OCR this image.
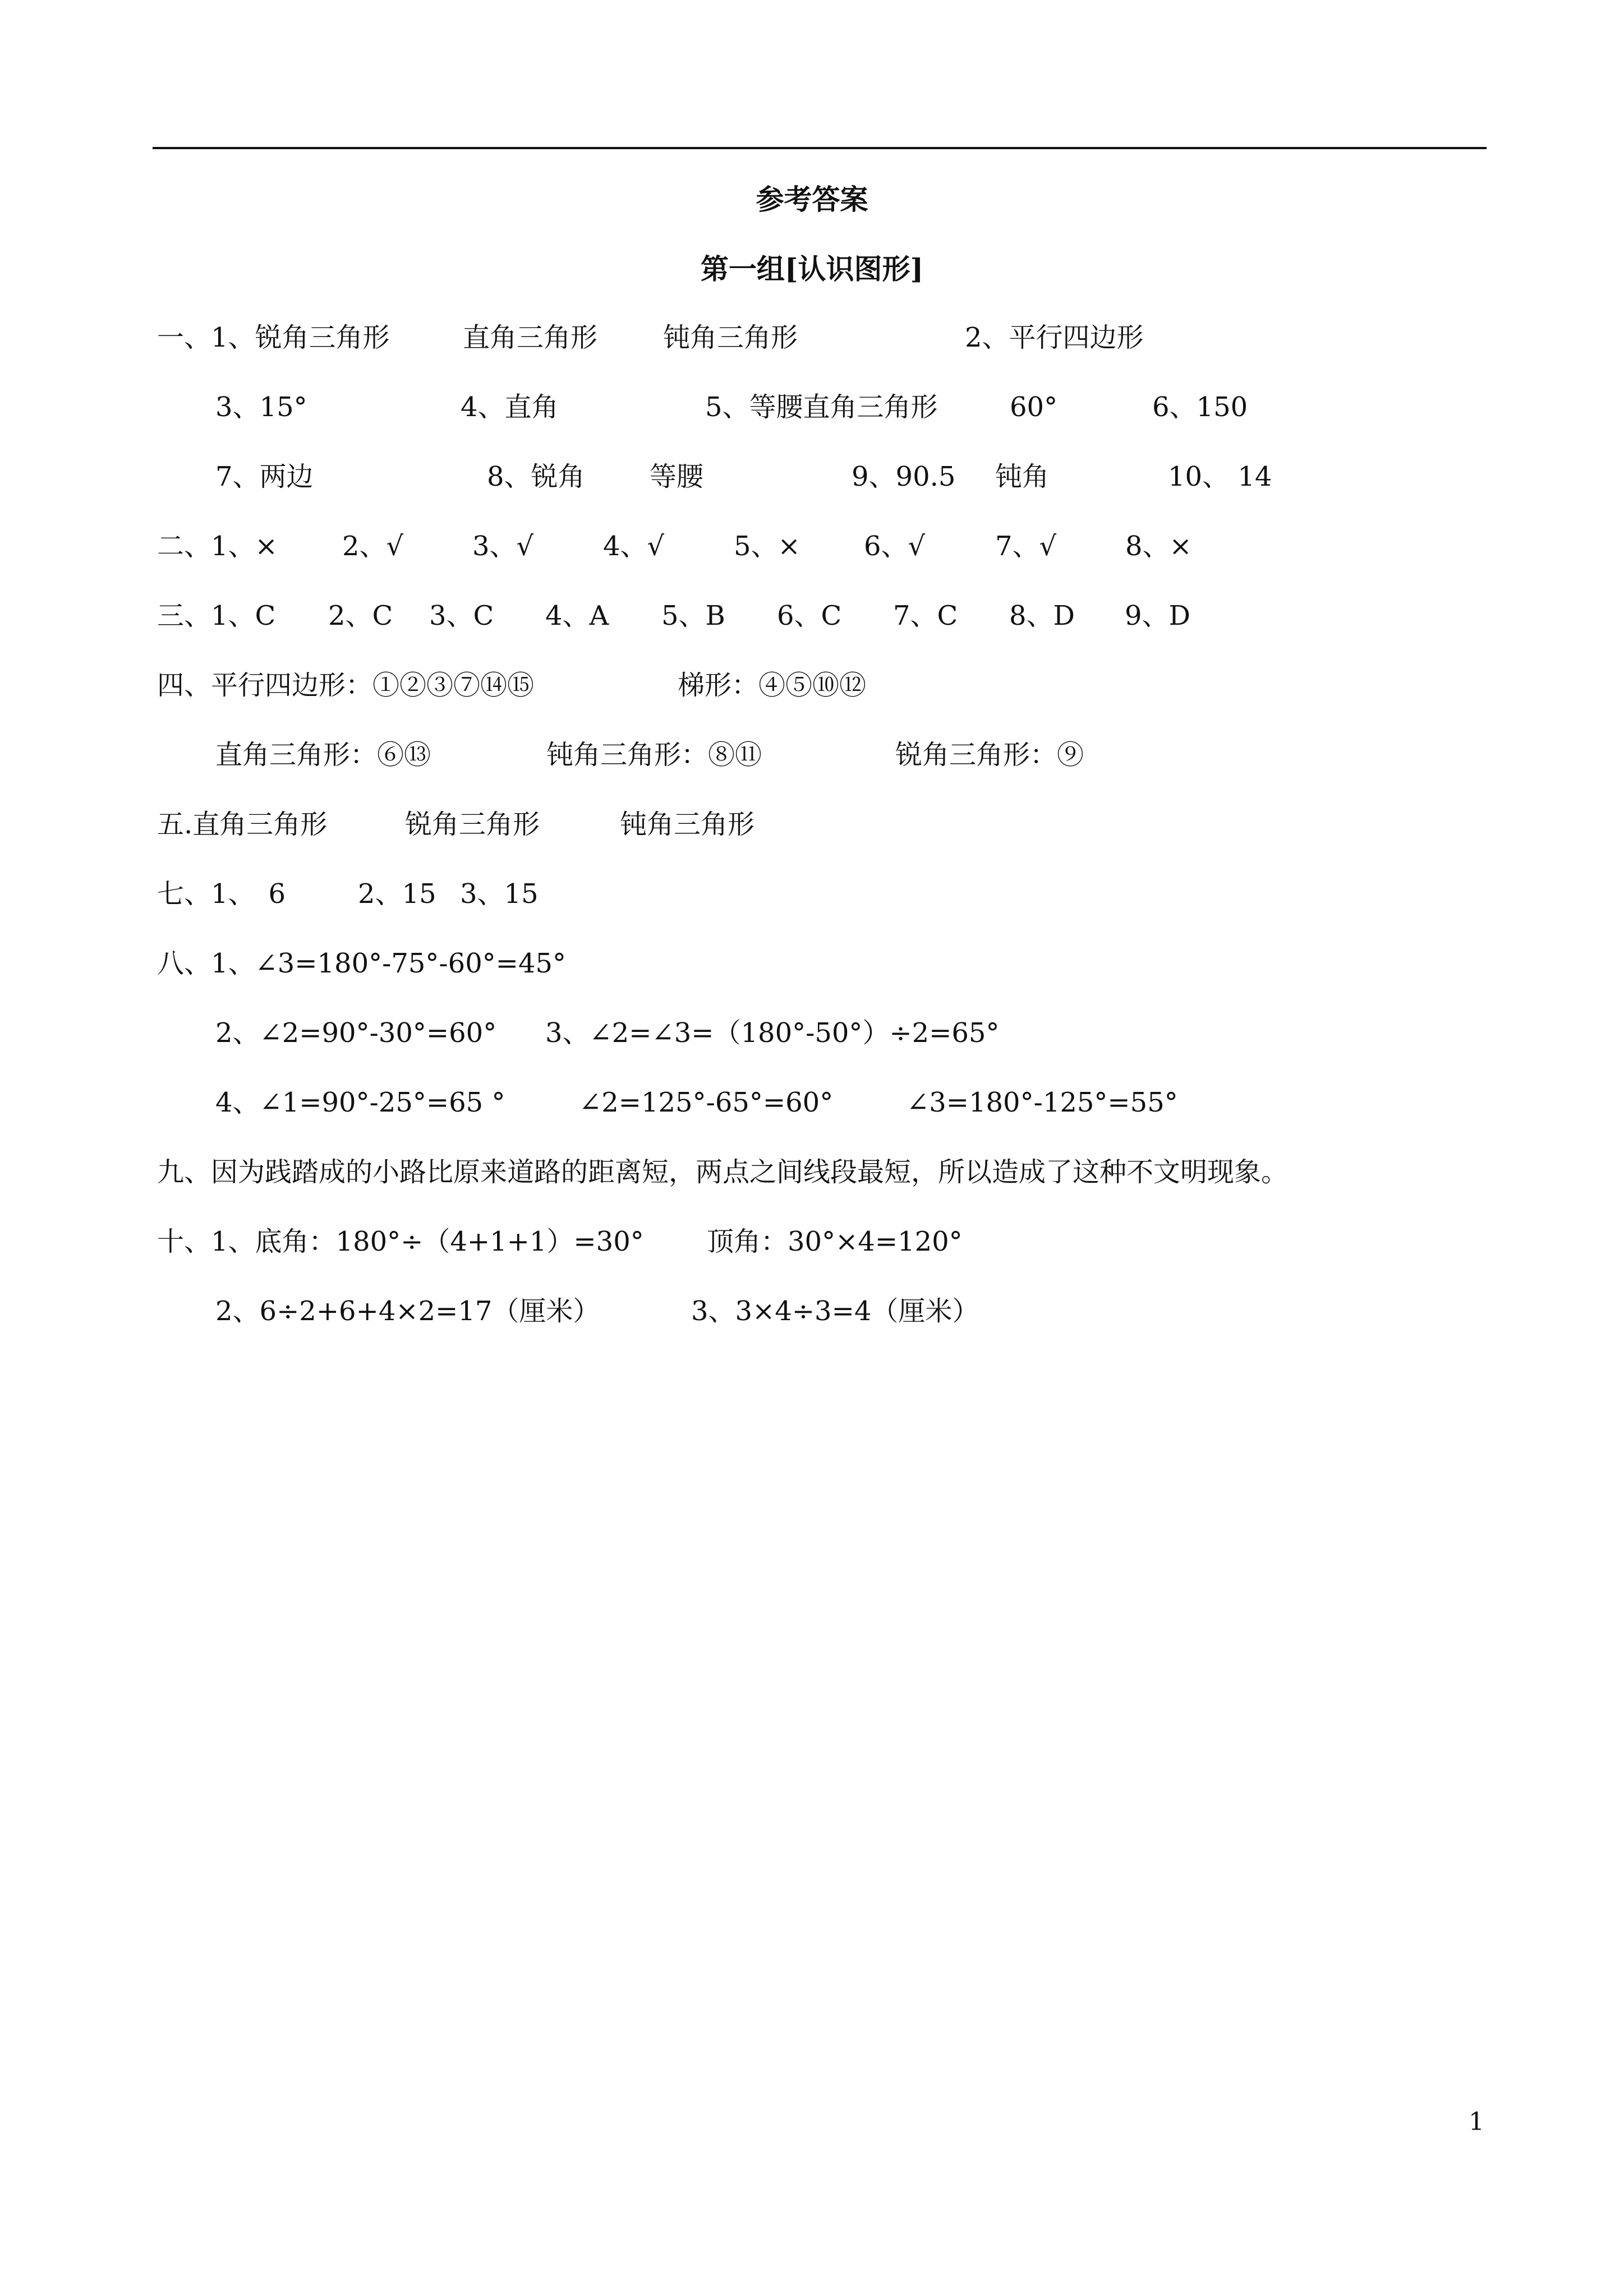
参考答案
第一组[认识图形]
一、1、锐角三角形	直角三角形 钝角三角形	2、平行四边形
3、15°	4、直角	5、等腰直角三角形	60°	6、150
7、两边	8、锐角 等腰	9、90.5 钝角	10、 14
二、1、× 2、√	3、√	4、√	5、× 6、√	7、√	8、×
三、1、C 2、C 3、C 4、A 5、B 6、C 7、C 8、D 9、D
四、平行四边形：①②③⑦⑭⑮	梯形：④⑤⑩⑫
直角三角形：⑥⑬	钝角三角形：⑧⑪	锐角三角形：⑨
五.直角三角形	锐角三角形	钝角三角形
七、1、　6	2、15 3、15
八、1、∠3=180°-75°-60°=45°
2、∠2=90°-30°=60° 3、∠2=∠3=（180°-50°）÷2=65°
4、∠1=90°-25°=65 °	∠2=125°-65°=60°	∠3=180°-125°=55°
九、因为践踏成的小路比原来道路的距离短，两点之间线段最短，所以造成了这种不文明现象。
十、1、底角：180°÷（4+1+1）=30° 顶角：30°×4=120°
2、6÷2+6+4×2=17（厘米）	3、3×4÷3=4（厘米）
1
